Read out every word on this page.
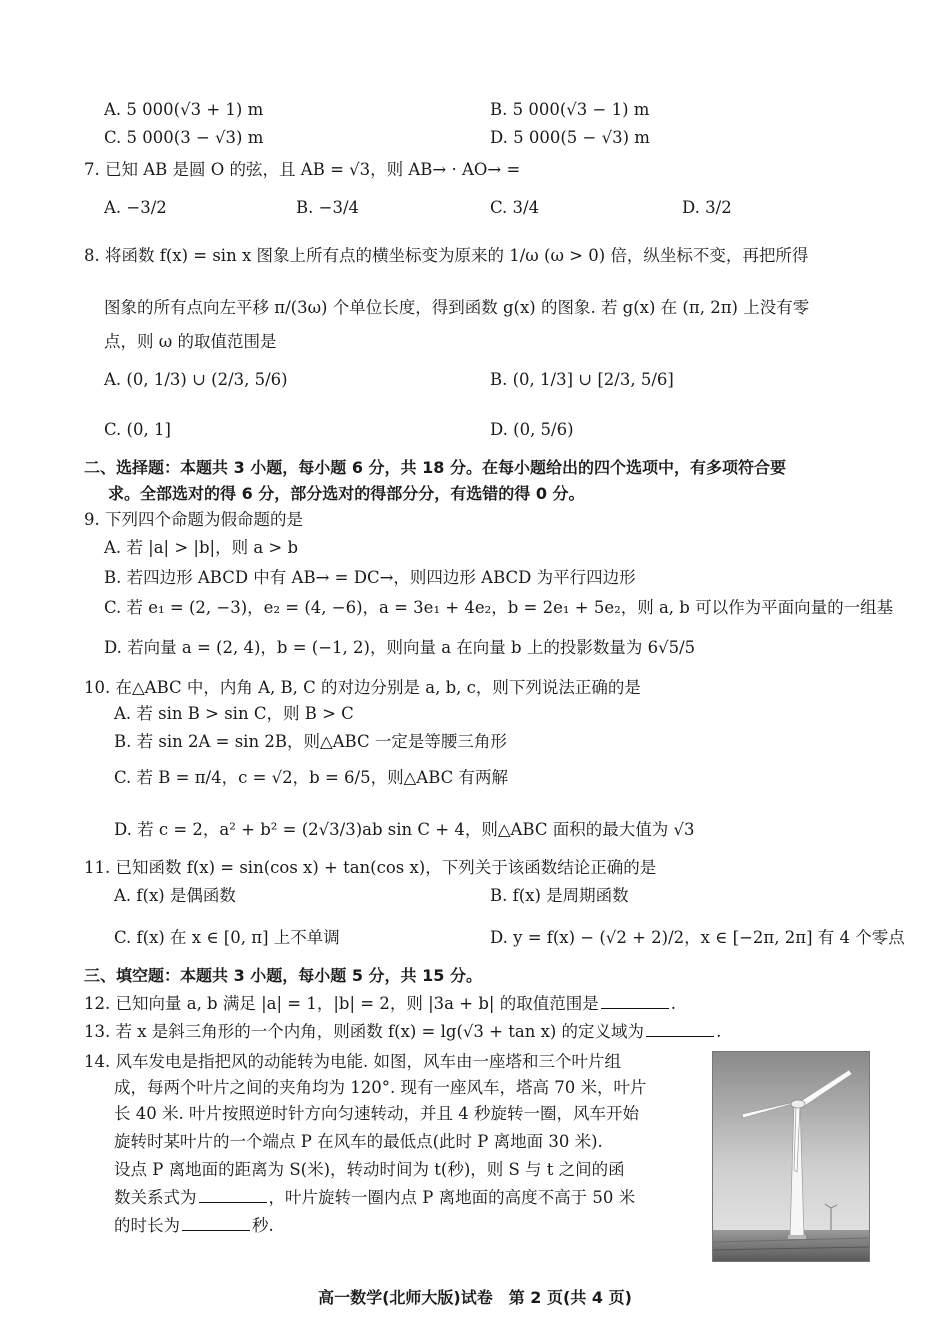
A. 5 000(√3 + 1) m	B. 5 000(√3 − 1) m
C. 5 000(3 − √3) m	D. 5 000(5 − √3) m
7. 已知 AB 是圆 O 的弦，且 AB = √3，则 AB→ · AO→ =
A. −3/2	B. −3/4	C. 3/4	D. 3/2
8. 将函数 f(x) = sin x 图象上所有点的横坐标变为原来的 1/ω (ω > 0) 倍，纵坐标不变，再把所得
图象的所有点向左平移 π/(3ω) 个单位长度，得到函数 g(x) 的图象. 若 g(x) 在 (π, 2π) 上没有零
点，则 ω 的取值范围是
A. (0, 1/3) ∪ (2/3, 5/6)	B. (0, 1/3] ∪ [2/3, 5/6]
C. (0, 1]	D. (0, 5/6)
二、选择题：本题共 3 小题，每小题 6 分，共 18 分。在每小题给出的四个选项中，有多项符合要
求。全部选对的得 6 分，部分选对的得部分分，有选错的得 0 分。
9. 下列四个命题为假命题的是
A. 若 |a| > |b|，则 a > b
B. 若四边形 ABCD 中有 AB→ = DC→，则四边形 ABCD 为平行四边形
C. 若 e₁ = (2, −3)，e₂ = (4, −6)，a = 3e₁ + 4e₂，b = 2e₁ + 5e₂，则 a, b 可以作为平面向量的一组基
D. 若向量 a = (2, 4)，b = (−1, 2)，则向量 a 在向量 b 上的投影数量为 6√5/5
10. 在△ABC 中，内角 A, B, C 的对边分别是 a, b, c，则下列说法正确的是
A. 若 sin B > sin C，则 B > C
B. 若 sin 2A = sin 2B，则△ABC 一定是等腰三角形
C. 若 B = π/4，c = √2，b = 6/5，则△ABC 有两解
D. 若 c = 2，a² + b² = (2√3/3)ab sin C + 4，则△ABC 面积的最大值为 √3
11. 已知函数 f(x) = sin(cos x) + tan(cos x)，下列关于该函数结论正确的是
A. f(x) 是偶函数	B. f(x) 是周期函数
C. f(x) 在 x ∈ [0, π] 上不单调	D. y = f(x) − (√2 + 2)/2，x ∈ [−2π, 2π] 有 4 个零点
三、填空题：本题共 3 小题，每小题 5 分，共 15 分。
12. 已知向量 a, b 满足 |a| = 1，|b| = 2，则 |3a + b| 的取值范围是	.
13. 若 x 是斜三角形的一个内角，则函数 f(x) = lg(√3 + tan x) 的定义域为	.
14. 风车发电是指把风的动能转为电能. 如图，风车由一座塔和三个叶片组
成，每两个叶片之间的夹角均为 120°. 现有一座风车，塔高 70 米，叶片
长 40 米. 叶片按照逆时针方向匀速转动，并且 4 秒旋转一圈，风车开始
旋转时某叶片的一个端点 P 在风车的最低点(此时 P 离地面 30 米).
设点 P 离地面的距离为 S(米)，转动时间为 t(秒)，则 S 与 t 之间的函
数关系式为	，叶片旋转一圈内点 P 离地面的高度不高于 50 米
的时长为	秒.
高一数学(北师大版)试卷　第 2 页(共 4 页)
